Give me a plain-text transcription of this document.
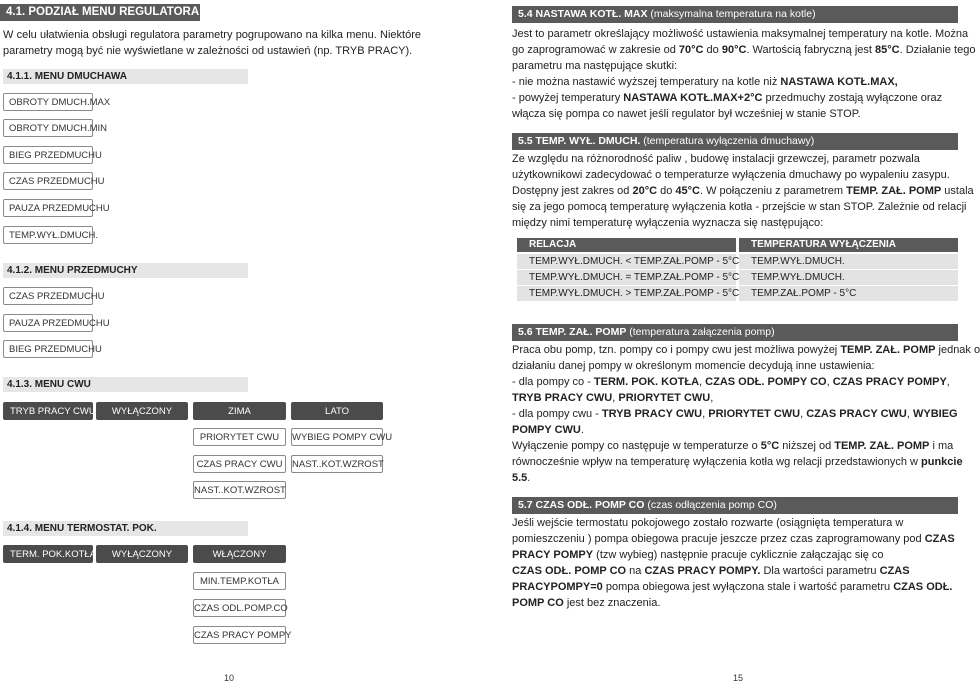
4.1. PODZIAŁ MENU REGULATORA
W celu ułatwienia obsługi regulatora parametry pogrupowano na kilka menu. Niektóre
parametry mogą być nie wyświetlane w zależności od ustawień (np. TRYB PRACY).
4.1.1. MENU DMUCHAWA
OBROTY DMUCH.MAX
OBROTY DMUCH.MIN
BIEG PRZEDMUCHU
CZAS PRZEDMUCHU
PAUZA PRZEDMUCHU
TEMP.WYŁ.DMUCH.
4.1.2. MENU PRZEDMUCHY
CZAS PRZEDMUCHU
PAUZA PRZEDMUCHU
BIEG PRZEDMUCHU
4.1.3. MENU CWU
TRYB PRACY CWU	WYŁĄCZONY	ZIMA	LATO
PRIORYTET CWU	WYBIEG POMPY CWU
CZAS PRACY CWU	NAST..KOT.WZROST
NAST..KOT.WZROST
4.1.4. MENU TERMOSTAT. POK.
TERM. POK.KOTŁA	WYŁĄCZONY	WŁĄCZONY
MIN.TEMP.KOTŁA
CZAS ODL.POMP.CO
CZAS PRACY POMPY
10
5.4 NASTAWA KOTŁ. MAX (maksymalna temperatura na kotle)
Jest to parametr określający możliwość ustawienia maksymalnej temperatury na kotle. Można
go zaprogramować w zakresie od 70°C do 90°C. Wartością fabryczną jest 85°C. Działanie tego
parametru ma następujące skutki:
- nie można nastawić wyższej temperatury na kotle niż NASTAWA KOTŁ.MAX,
- powyżej temperatury NASTAWA KOTŁ.MAX+2°C przedmuchy zostają wyłączone oraz
włącza się pompa co nawet jeśli regulator był wcześniej w stanie STOP.
5.5 TEMP. WYŁ. DMUCH. (temperatura wyłączenia dmuchawy)
Ze względu na różnorodność paliw , budowę instalacji grzewczej, parametr pozwala
użytkownikowi zadecydować o temperaturze wyłączenia dmuchawy po wypaleniu zasypu.
Dostępny jest zakres od 20°C do 45°C. W połączeniu z parametrem TEMP. ZAŁ. POMP ustala
się za jego pomocą temperaturę wyłączenia kotła - przejście w stan STOP. Zależnie od relacji
między nimi temperaturę wyłączenia wyznacza się następująco:
RELACJA	TEMPERATURA WYŁĄCZENIA
TEMP.WYŁ.DMUCH. < TEMP.ZAŁ.POMP - 5°C	TEMP.WYŁ.DMUCH.
TEMP.WYŁ.DMUCH. = TEMP.ZAŁ.POMP - 5°C	TEMP.WYŁ.DMUCH.
TEMP.WYŁ.DMUCH. > TEMP.ZAŁ.POMP - 5°C	TEMP.ZAŁ.POMP - 5°C
5.6 TEMP. ZAŁ. POMP (temperatura załączenia pomp)
Praca obu pomp, tzn. pompy co i pompy cwu jest możliwa powyżej TEMP. ZAŁ. POMP jednak o
działaniu danej pompy w określonym momencie decydują inne ustawienia:
- dla pompy co - TERM. POK. KOTŁA, CZAS ODŁ. POMPY CO, CZAS PRACY POMPY,
TRYB PRACY CWU, PRIORYTET CWU,
- dla pompy cwu - TRYB PRACY CWU, PRIORYTET CWU, CZAS PRACY CWU, WYBIEG
POMPY CWU.
Wyłączenie pompy co następuje w temperaturze o 5°C niższej od TEMP. ZAŁ. POMP i ma
równocześnie wpływ na temperaturę wyłączenia kotła wg relacji przedstawionych w punkcie
5.5.
5.7 CZAS ODŁ. POMP CO (czas odłączenia pomp CO)
Jeśli wejście termostatu pokojowego zostało rozwarte (osiągnięta temperatura w
pomieszczeniu ) pompa obiegowa pracuje jeszcze przez czas zaprogramowany pod CZAS
PRACY POMPY (tzw wybieg) następnie pracuje cyklicznie załączając się co
CZAS ODŁ. POMP CO na CZAS PRACY POMPY. Dla wartości parametru CZAS
PRACYPOMPY=0 pompa obiegowa jest wyłączona stale i wartość parametru CZAS ODŁ.
POMP CO jest bez znaczenia.
15
